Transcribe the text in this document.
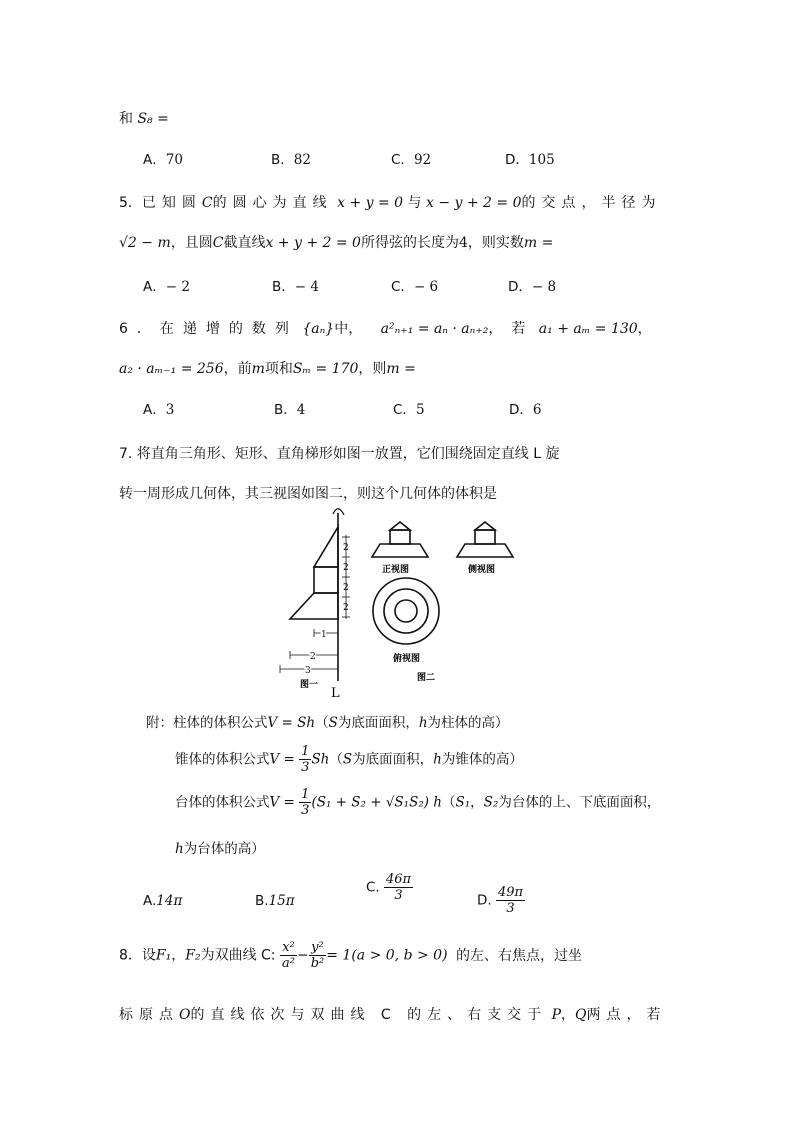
和 S₈ =
A．70	B．82	C．92	D．105
5．已知圆C的圆心为直线 x + y = 0 与 x − y + 2 = 0的交点，半径为
√2 − m，且圆C截直线x + y + 2 = 0所得弦的长度为4，则实数m =
A．− 2	B．− 4	C．− 6	D．− 8
6．在递增的数列 {aₙ}中， a²ₙ₊₁ = aₙ · aₙ₊₂，若 a₁ + aₘ = 130，
a₂ · aₘ₋₁ = 256，前m项和Sₘ = 170，则m =
A．3	B．4	C．5	D．6
7. 将直角三角形、矩形、直角梯形如图一放置，它们围绕固定直线 L 旋
转一周形成几何体，其三视图如图二，则这个几何体的体积是
2
2
2
2
1
2
3
图一
L
正视图	侧视图
俯视图
图二
附：柱体的体积公式V = Sh（S为底面面积，h为柱体的高）
锥体的体积公式$V = \frac{1}{3} Sh(S$为底面面积，h为锥体的高）
台体的体积公式$V = \frac{1}{3} (S_1 + S_2 + √S_1S_2)$ h（S₁，S₂为台体的上、下底面面积，
h为台体的高）
A.14π	B.15π
C. $\frac{46\pi}{3}$	D. $\frac{49\pi}{3}$
8．设F₁，F₂为双曲线 C: $\frac{\text{x²}}{\text{a²}} - \frac{\text{y²}}{\text{b²}} = 1(a > 0$, b > 0) 的左、右焦点，过坐
标原点O的直线依次与双曲线 C 的左、右支交于 P，Q两点，若
